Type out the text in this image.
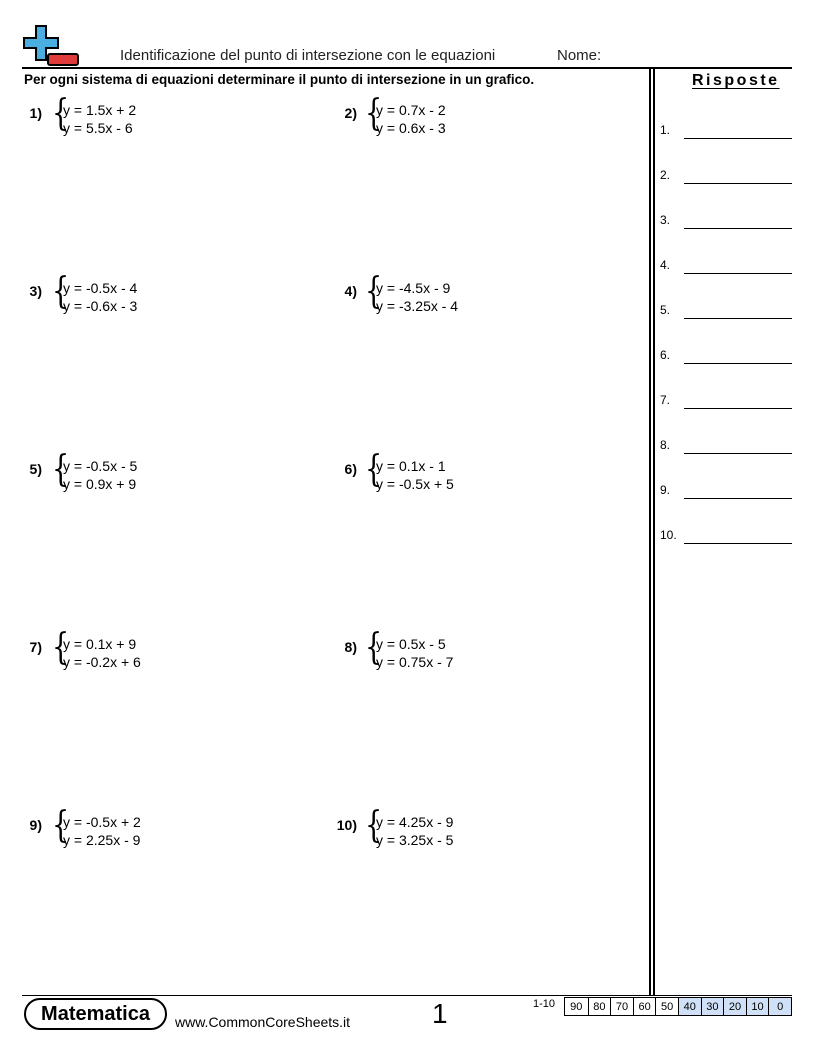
Identificazione del punto di intersezione con le equazioni	Nome:
Per ogni sistema di equazioni determinare il punto di intersezione in un grafico.
1) {
y = 1.5x + 2
y = 5.5x - 6
2) {
y = 0.7x - 2
y = 0.6x - 3
3) {
y = -0.5x - 4
y = -0.6x - 3
4) {
y = -4.5x - 9
y = -3.25x - 4
5) {
y = -0.5x - 5
y = 0.9x + 9
6) {
y = 0.1x - 1
y = -0.5x + 5
7) {
y = 0.1x + 9
y = -0.2x + 6
8) {
y = 0.5x - 5
y = 0.75x - 7
9) {
y = -0.5x + 2
y = 2.25x - 9
10) {
y = 4.25x - 9
y = 3.25x - 5
Risposte
1.
2.
3.
4.
5.
6.
7.
8.
9.
10.
Matematica	www.CommonCoreSheets.it	1	1-10	90 80 70 60 50 40 30 20 10	0
